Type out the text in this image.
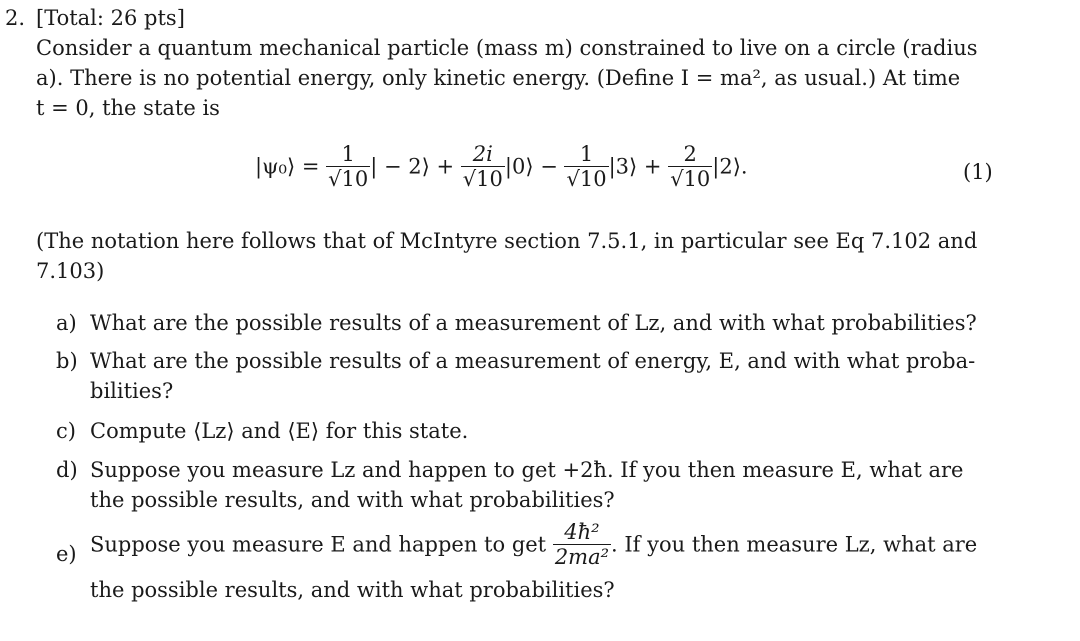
2. [Total: 26 pts]
Consider a quantum mechanical particle (mass m) constrained to live on a circle (radius
a). There is no potential energy, only kinetic energy. (Define I = ma², as usual.) At time
t = 0, the state is
|ψ₀⟩ = $\frac{1}{√10}$ | − 2⟩ + $\frac{2i}{√10}$ |0⟩ − $\frac{1}{√10}$ |3⟩ + $\frac{2}{√10}$ |2⟩.	(1)
(The notation here follows that of McIntyre section 7.5.1, in particular see Eq 7.102 and
7.103)
a) What are the possible results of a measurement of Lz, and with what probabilities?
b) What are the possible results of a measurement of energy, E, and with what proba-
bilities?
c) Compute ⟨Lz⟩ and ⟨E⟩ for this state.
d) Suppose you measure Lz and happen to get +2ħ. If you then measure E, what are
the possible results, and with what probabilities?
e) Suppose you measure E and happen to get $\frac{\text{4ħ²}}{\text{2ma²}}$ . If you then measure Lz, what are
the possible results, and with what probabilities?
